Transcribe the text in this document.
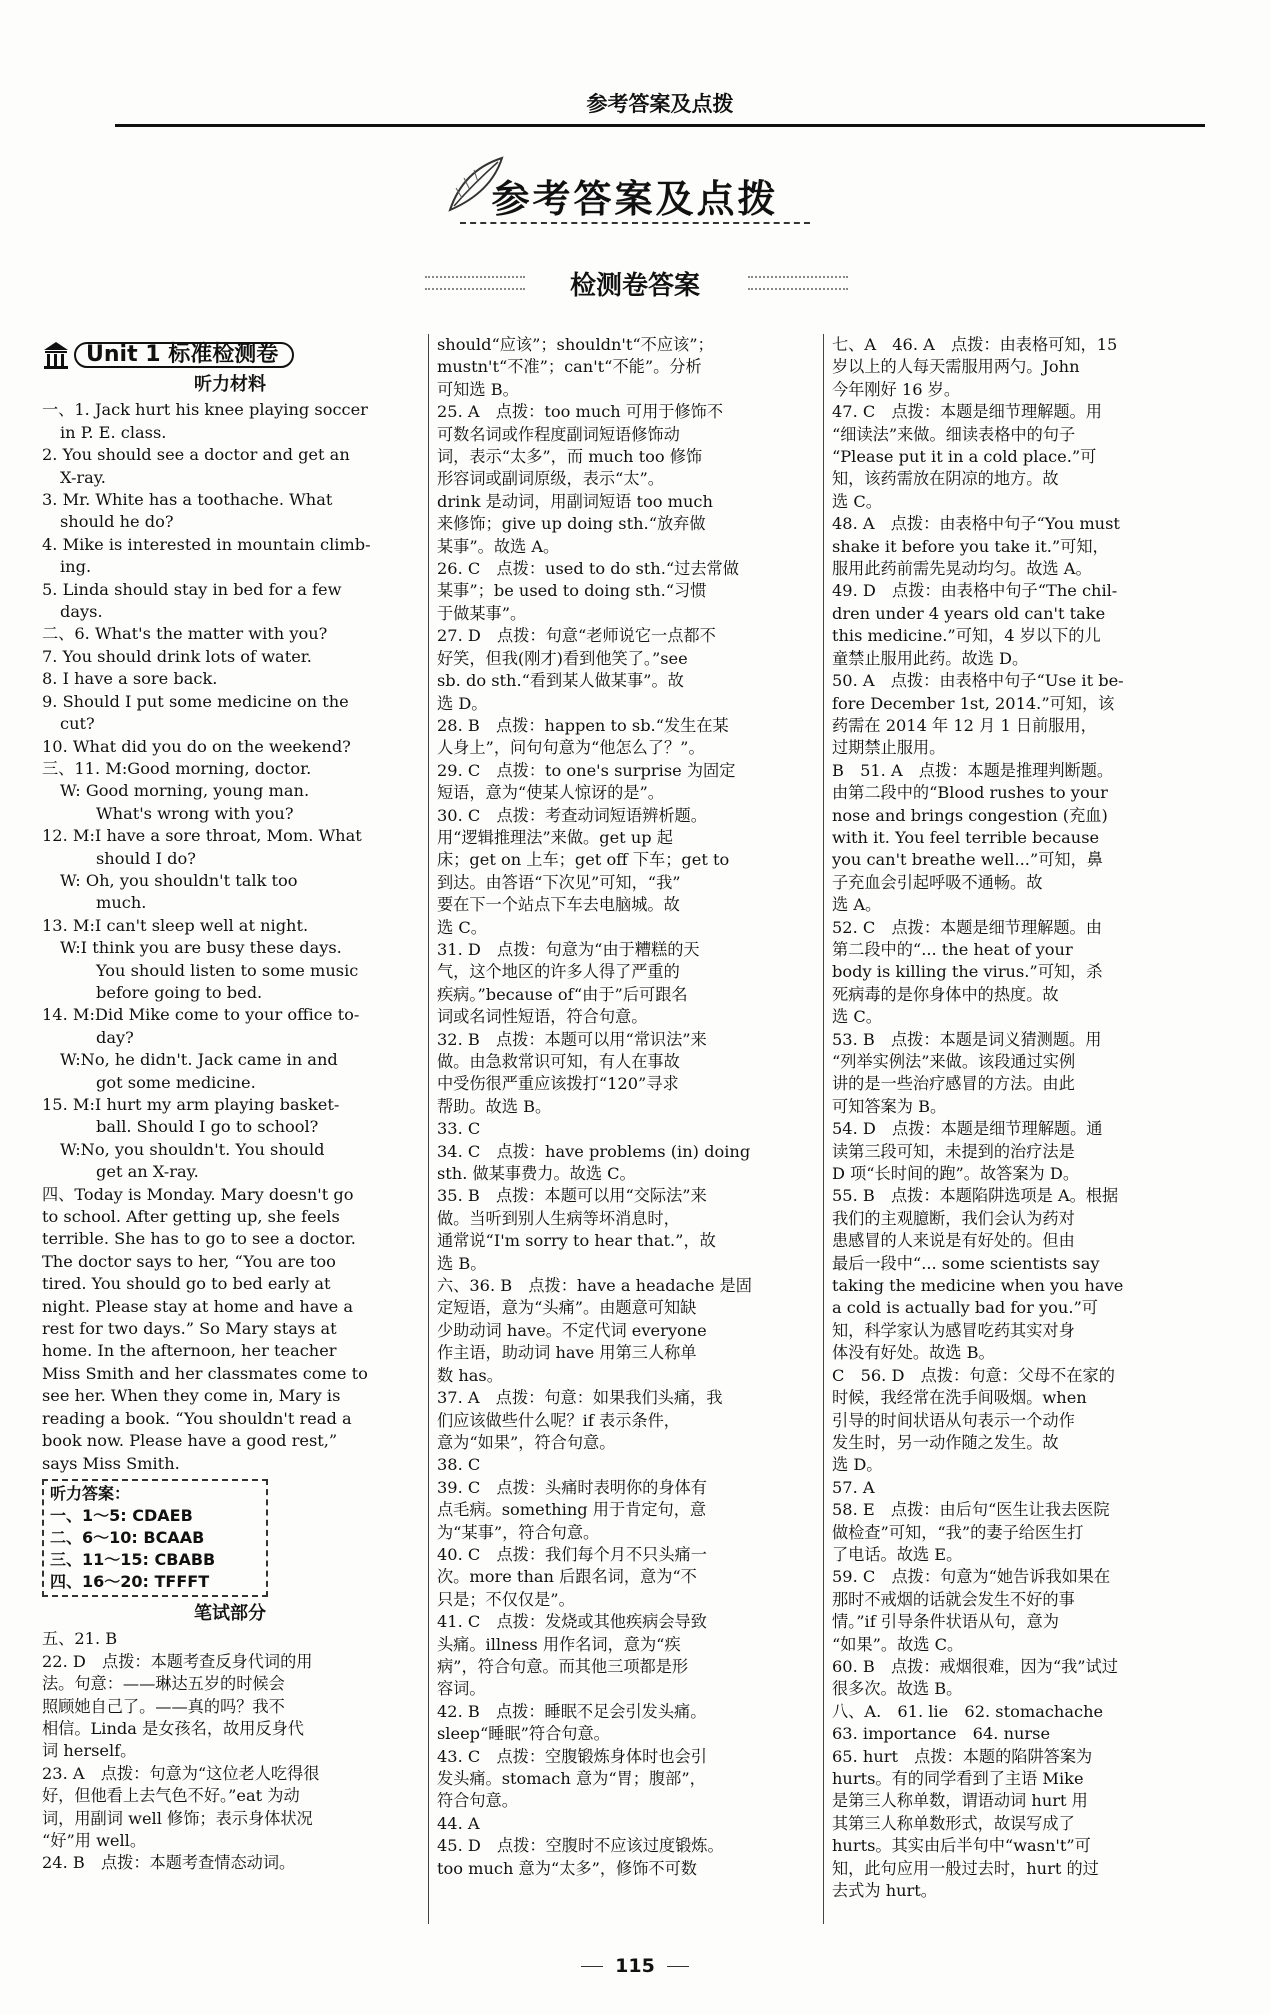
参考答案及点拨
参考答案及点拨
检测卷答案
Unit 1 标准检测卷
听力材料
一、1. Jack hurt his knee playing soccer
in P. E. class.
2. You should see a doctor and get an
X-ray.
3. Mr. White has a toothache. What
should he do?
4. Mike is interested in mountain climb-
ing.
5. Linda should stay in bed for a few
days.
二、6. What's the matter with you?
7. You should drink lots of water.
8. I have a sore back.
9. Should I put some medicine on the
cut?
10. What did you do on the weekend?
三、11. M:Good morning, doctor.
W: Good morning, young man.
What's wrong with you?
12. M:I have a sore throat, Mom. What
should I do?
W: Oh, you shouldn't talk too
much.
13. M:I can't sleep well at night.
W:I think you are busy these days.
You should listen to some music
before going to bed.
14. M:Did Mike come to your office to-
day?
W:No, he didn't. Jack came in and
got some medicine.
15. M:I hurt my arm playing basket-
ball. Should I go to school?
W:No, you shouldn't. You should
get an X-ray.
四、Today is Monday. Mary doesn't go
to school. After getting up, she feels
terrible. She has to go to see a doctor.
The doctor says to her, “You are too
tired. You should go to bed early at
night. Please stay at home and have a
rest for two days.” So Mary stays at
home. In the afternoon, her teacher
Miss Smith and her classmates come to
see her. When they come in, Mary is
reading a book. “You shouldn't read a
book now. Please have a good rest,”
says Miss Smith.
听力答案：
一、1～5: CDAEB
二、6～10: BCAAB
三、11～15: CBABB
四、16～20: TFFFT
笔试部分
五、21. B
22. D　点拨：本题考查反身代词的用
法。句意：——琳达五岁的时候会
照顾她自己了。——真的吗？我不
相信。Linda 是女孩名，故用反身代
词 herself。
23. A　点拨：句意为“这位老人吃得很
好，但他看上去气色不好。”eat 为动
词，用副词 well 修饰；表示身体状况
“好”用 well。
24. B　点拨：本题考查情态动词。
should“应该”；shouldn't“不应该”；
mustn't“不准”；can't“不能”。分析
可知选 B。
25. A　点拨：too much 可用于修饰不
可数名词或作程度副词短语修饰动
词，表示“太多”，而 much too 修饰
形容词或副词原级，表示“太”。
drink 是动词，用副词短语 too much
来修饰；give up doing sth.“放弃做
某事”。故选 A。
26. C　点拨：used to do sth.“过去常做
某事”；be used to doing sth.“习惯
于做某事”。
27. D　点拨：句意“老师说它一点都不
好笑，但我(刚才)看到他笑了。”see
sb. do sth.“看到某人做某事”。故
选 D。
28. B　点拨：happen to sb.“发生在某
人身上”，问句句意为“他怎么了？”。
29. C　点拨：to one's surprise 为固定
短语，意为“使某人惊讶的是”。
30. C　点拨：考查动词短语辨析题。
用“逻辑推理法”来做。get up 起
床；get on 上车；get off 下车；get to
到达。由答语“下次见”可知，“我”
要在下一个站点下车去电脑城。故
选 C。
31. D　点拨：句意为“由于糟糕的天
气，这个地区的许多人得了严重的
疾病。”because of“由于”后可跟名
词或名词性短语，符合句意。
32. B　点拨：本题可以用“常识法”来
做。由急救常识可知，有人在事故
中受伤很严重应该拨打“120”寻求
帮助。故选 B。
33. C
34. C　点拨：have problems (in) doing
sth. 做某事费力。故选 C。
35. B　点拨：本题可以用“交际法”来
做。当听到别人生病等坏消息时，
通常说“I'm sorry to hear that.”，故
选 B。
六、36. B　点拨：have a headache 是固
定短语，意为“头痛”。由题意可知缺
少助动词 have。不定代词 everyone
作主语，助动词 have 用第三人称单
数 has。
37. A　点拨：句意：如果我们头痛，我
们应该做些什么呢？if 表示条件，
意为“如果”，符合句意。
38. C
39. C　点拨：头痛时表明你的身体有
点毛病。something 用于肯定句，意
为“某事”，符合句意。
40. C　点拨：我们每个月不只头痛一
次。more than 后跟名词，意为“不
只是；不仅仅是”。
41. C　点拨：发烧或其他疾病会导致
头痛。illness 用作名词，意为“疾
病”，符合句意。而其他三项都是形
容词。
42. B　点拨：睡眠不足会引发头痛。
sleep“睡眠”符合句意。
43. C　点拨：空腹锻炼身体时也会引
发头痛。stomach 意为“胃；腹部”，
符合句意。
44. A
45. D　点拨：空腹时不应该过度锻炼。
too much 意为“太多”，修饰不可数
七、A　46. A　点拨：由表格可知，15
岁以上的人每天需服用两勺。John
今年刚好 16 岁。
47. C　点拨：本题是细节理解题。用
“细读法”来做。细读表格中的句子
“Please put it in a cold place.”可
知，该药需放在阴凉的地方。故
选 C。
48. A　点拨：由表格中句子“You must
shake it before you take it.”可知，
服用此药前需先晃动均匀。故选 A。
49. D　点拨：由表格中句子“The chil-
dren under 4 years old can't take
this medicine.”可知，4 岁以下的儿
童禁止服用此药。故选 D。
50. A　点拨：由表格中句子“Use it be-
fore December 1st, 2014.”可知，该
药需在 2014 年 12 月 1 日前服用，
过期禁止服用。
B　51. A　点拨：本题是推理判断题。
由第二段中的“Blood rushes to your
nose and brings congestion (充血)
with it. You feel terrible because
you can't breathe well...”可知，鼻
子充血会引起呼吸不通畅。故
选 A。
52. C　点拨：本题是细节理解题。由
第二段中的“... the heat of your
body is killing the virus.”可知，杀
死病毒的是你身体中的热度。故
选 C。
53. B　点拨：本题是词义猜测题。用
“列举实例法”来做。该段通过实例
讲的是一些治疗感冒的方法。由此
可知答案为 B。
54. D　点拨：本题是细节理解题。通
读第三段可知，未提到的治疗法是
D 项“长时间的跑”。故答案为 D。
55. B　点拨：本题陷阱选项是 A。根据
我们的主观臆断，我们会认为药对
患感冒的人来说是有好处的。但由
最后一段中“... some scientists say
taking the medicine when you have
a cold is actually bad for you.”可
知，科学家认为感冒吃药其实对身
体没有好处。故选 B。
C　56. D　点拨：句意：父母不在家的
时候，我经常在洗手间吸烟。when
引导的时间状语从句表示一个动作
发生时，另一动作随之发生。故
选 D。
57. A
58. E　点拨：由后句“医生让我去医院
做检查”可知，“我”的妻子给医生打
了电话。故选 E。
59. C　点拨：句意为“她告诉我如果在
那时不戒烟的话就会发生不好的事
情。”if 引导条件状语从句，意为
“如果”。故选 C。
60. B　点拨：戒烟很难，因为“我”试过
很多次。故选 B。
八、A.　61. lie　62. stomachache
63. importance　64. nurse
65. hurt　点拨：本题的陷阱答案为
hurts。有的同学看到了主语 Mike
是第三人称单数，谓语动词 hurt 用
其第三人称单数形式，故误写成了
hurts。其实由后半句中“wasn't”可
知，此句应用一般过去时，hurt 的过
去式为 hurt。
115
